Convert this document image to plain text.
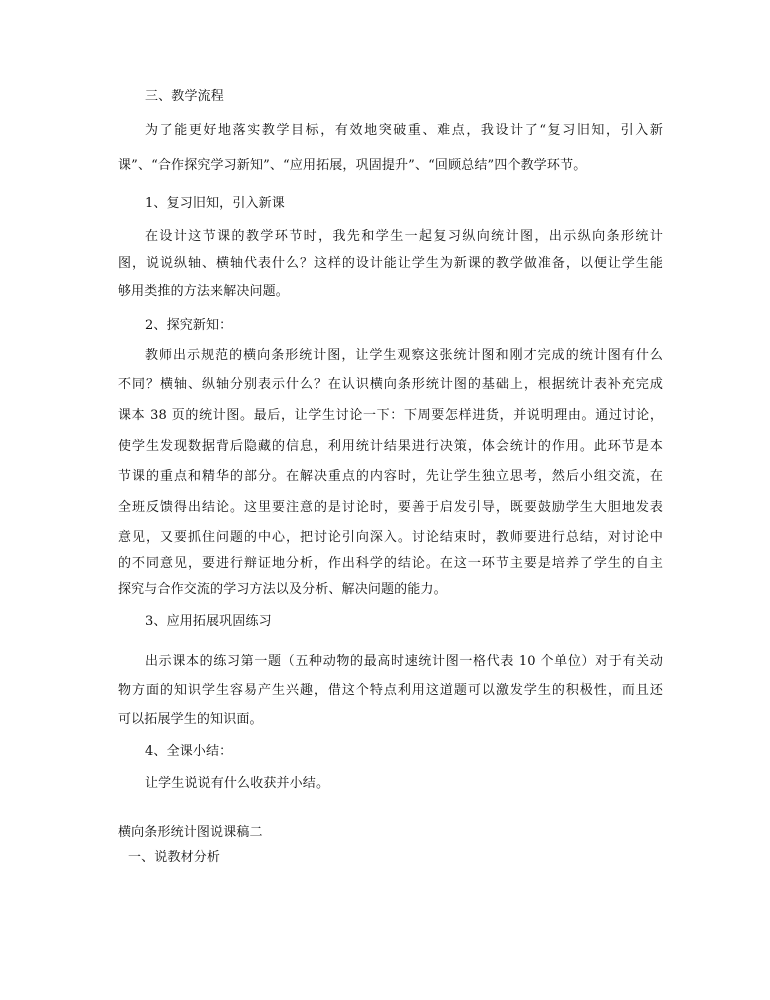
三、教学流程
为了能更好地落实教学目标，有效地突破重、难点，我设计了“复习旧知，引入新
课”、“合作探究学习新知”、“应用拓展，巩固提升”、“回顾总结”四个教学环节。
1、复习旧知，引入新课
在设计这节课的教学环节时，我先和学生一起复习纵向统计图，出示纵向条形统计
图，说说纵轴、横轴代表什么？这样的设计能让学生为新课的教学做准备，以便让学生能
够用类推的方法来解决问题。
2、探究新知：
教师出示规范的横向条形统计图，让学生观察这张统计图和刚才完成的统计图有什么
不同？横轴、纵轴分别表示什么？在认识横向条形统计图的基础上，根据统计表补充完成
课本 38 页的统计图。最后，让学生讨论一下：下周要怎样进货，并说明理由。通过讨论，
使学生发现数据背后隐藏的信息，利用统计结果进行决策，体会统计的作用。此环节是本
节课的重点和精华的部分。在解决重点的内容时，先让学生独立思考，然后小组交流，在
全班反馈得出结论。这里要注意的是讨论时，要善于启发引导，既要鼓励学生大胆地发表
意见，又要抓住问题的中心，把讨论引向深入。讨论结束时，教师要进行总结，对讨论中
的不同意见，要进行辩证地分析，作出科学的结论。在这一环节主要是培养了学生的自主
探究与合作交流的学习方法以及分析、解决问题的能力。
3、应用拓展巩固练习
出示课本的练习第一题（五种动物的最高时速统计图一格代表 10 个单位）对于有关动
物方面的知识学生容易产生兴趣，借这个特点利用这道题可以激发学生的积极性，而且还
可以拓展学生的知识面。
4、全课小结：
让学生说说有什么收获并小结。
横向条形统计图说课稿二
一、说教材分析
